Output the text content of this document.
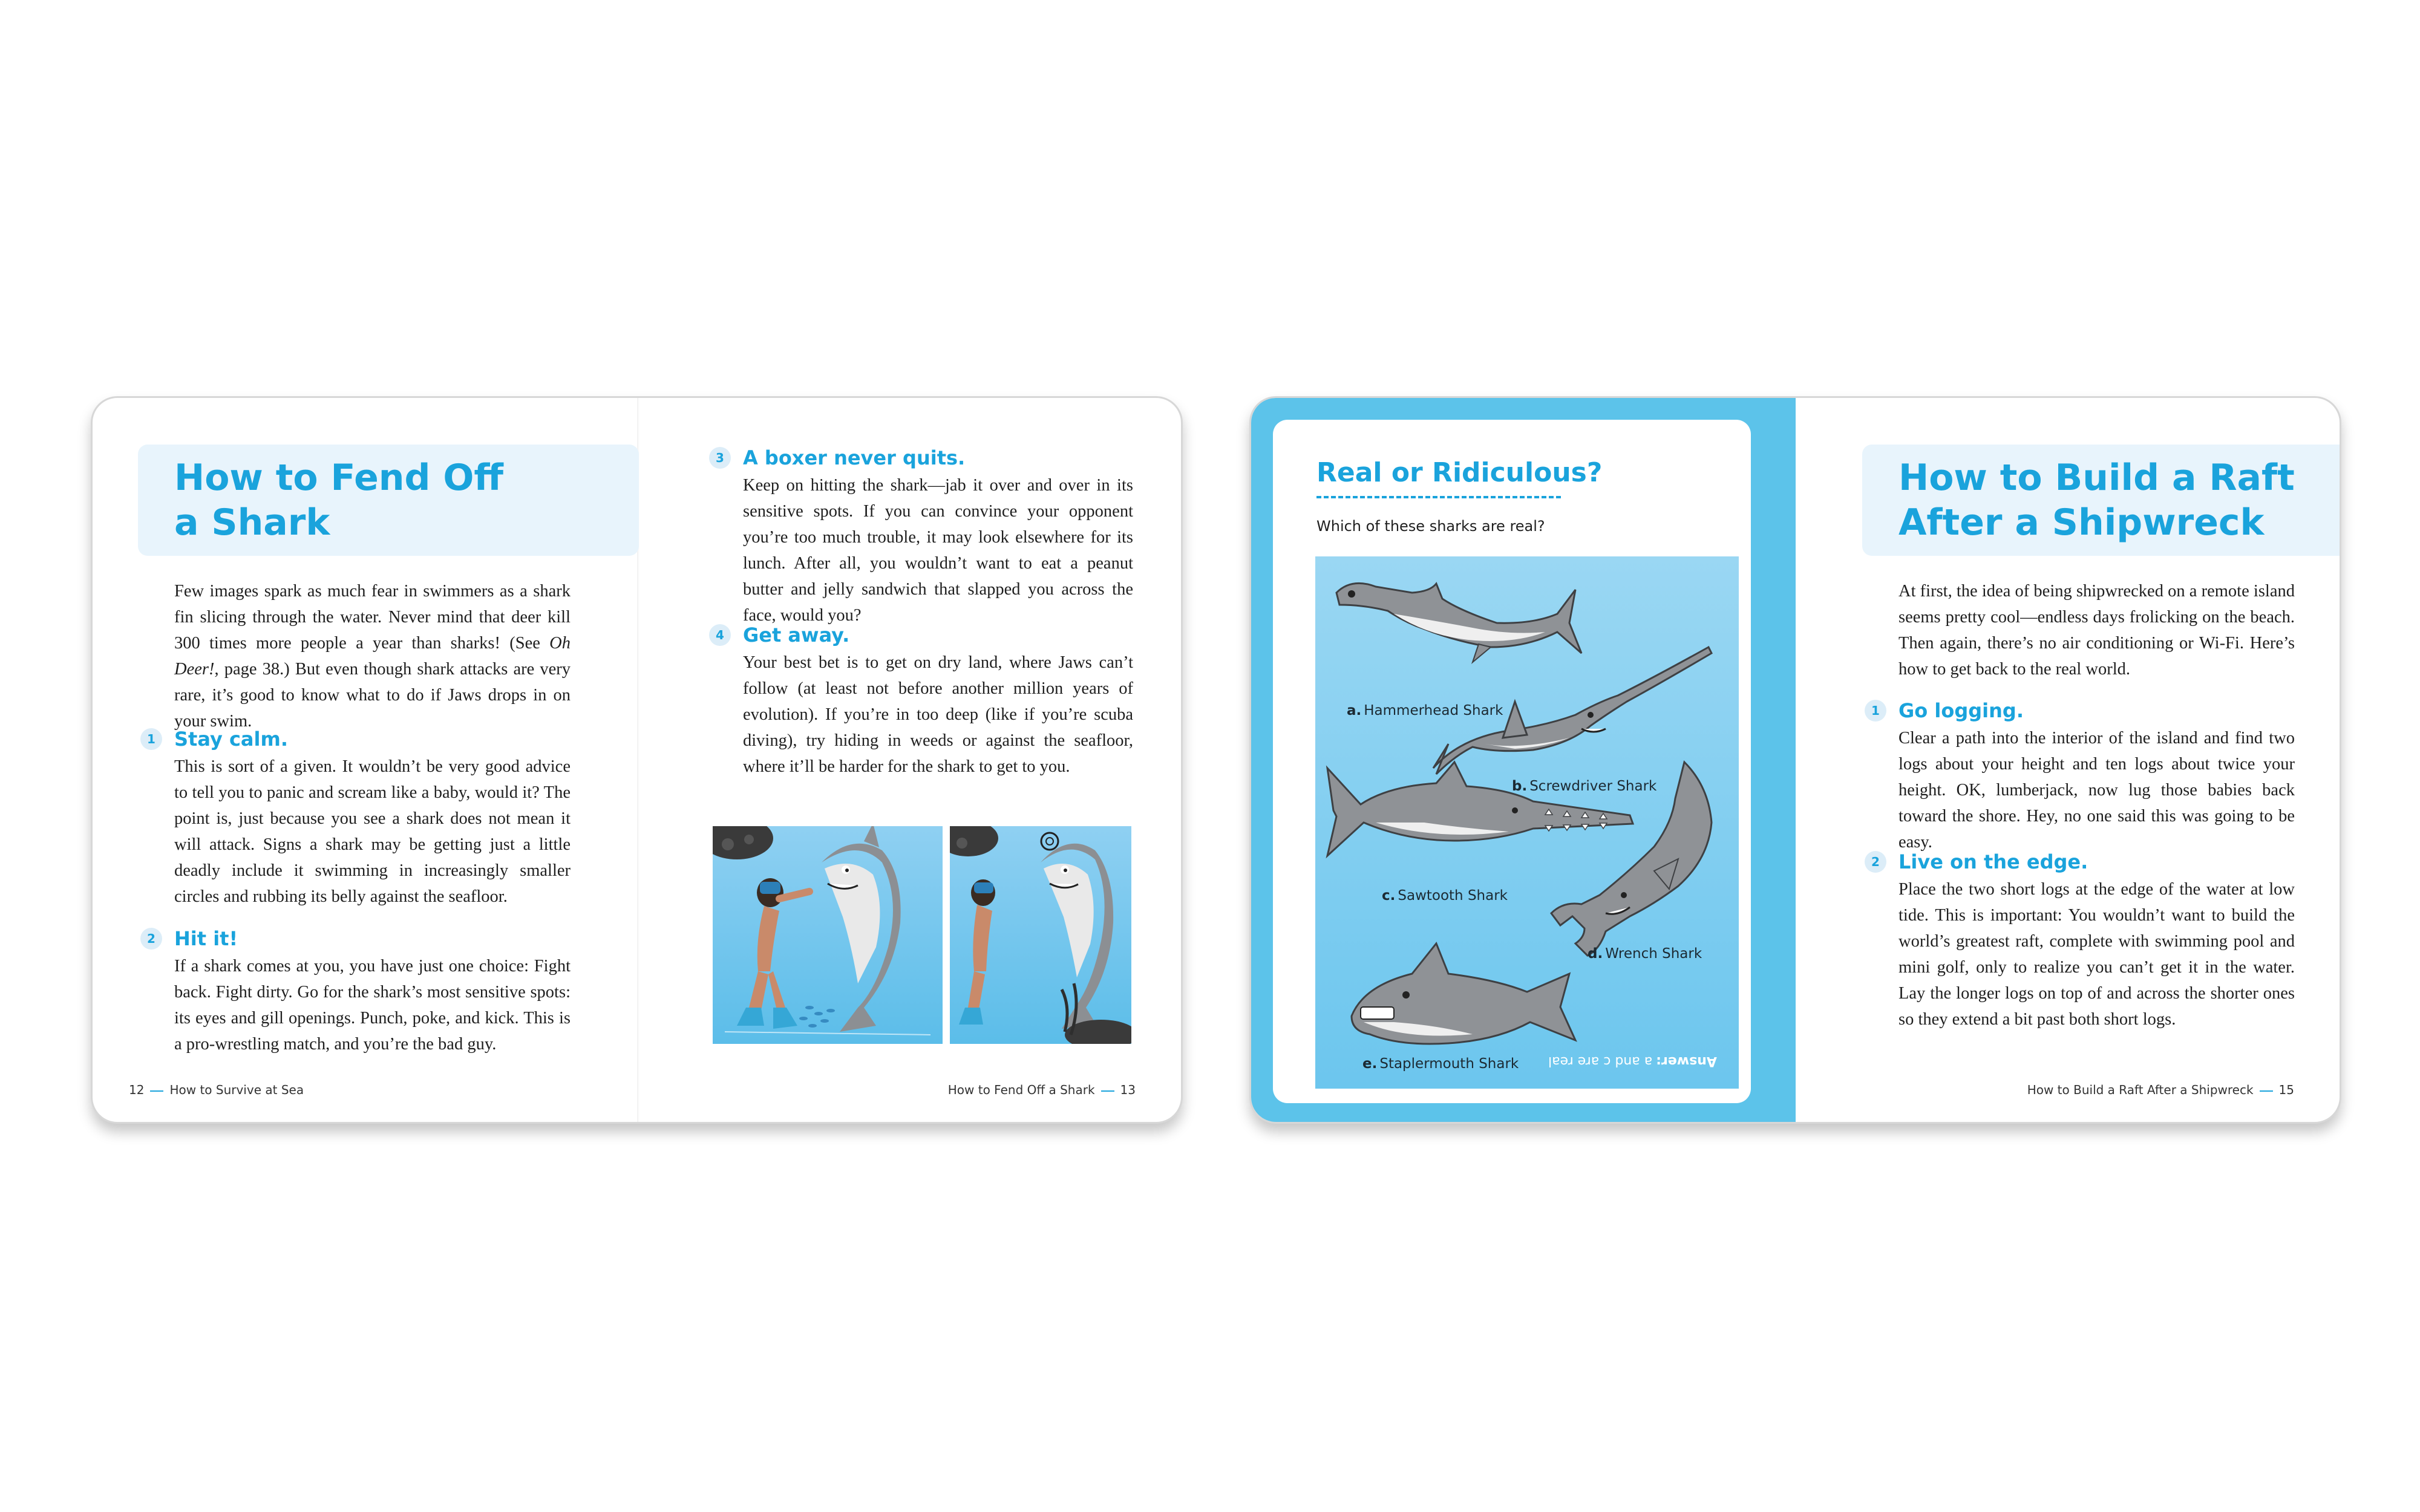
How to Fend Off
a Shark
Few images spark as much fear in swimmers as a shark fin slicing through the water. Never mind that deer kill 300 times more people a year than sharks! (See Oh Deer!, page 38.) But even though shark attacks are very rare, it’s good to know what to do if Jaws drops in on your swim.
1 Stay calm.
This is sort of a given. It wouldn’t be very good advice to tell you to panic and scream like a baby, would it? The point is, just because you see a shark does not mean it will attack. Signs a shark may be getting just a little deadly include it swimming in increasingly smaller circles and rubbing its belly against the seafloor.
2 Hit it!
If a shark comes at you, you have just one choice: Fight back. Fight dirty. Go for the shark’s most sensitive spots: its eyes and gill openings. Punch, poke, and kick. This is a pro-wrestling match, and you’re the bad guy.
3 A boxer never quits.
Keep on hitting the shark—jab it over and over in its sensitive spots. If you can convince your opponent you’re too much trouble, it may look elsewhere for its lunch. After all, you wouldn’t want to eat a peanut butter and jelly sandwich that slapped you across the face, would you?
4 Get away.
Your best bet is to get on dry land, where Jaws can’t follow (at least not before another million years of evolution). If you’re in too deep (like if you’re scuba diving), try hiding in weeds or against the seafloor, where it’ll be harder for the shark to get to you.
12 How to Survive at Sea	How to Fend Off a Shark 13
Real or Ridiculous?
Which of these sharks are real?
a. Hammerhead Shark
b. Screwdriver Shark
c. Sawtooth Shark
d. Wrench Shark
e. Staplermouth Shark	Answer:a and c are real
How to Build a Raft
After a Shipwreck
At first, the idea of being shipwrecked on a remote island seems pretty cool—endless days frolicking on the beach. Then again, there’s no air conditioning or Wi-Fi. Here’s how to get back to the real world.
1 Go logging.
Clear a path into the interior of the island and find two logs about your height and ten logs about twice your height. OK, lumberjack, now lug those babies back toward the shore. Hey, no one said this was going to be easy.
2 Live on the edge.
Place the two short logs at the edge of the water at low tide. This is important: You wouldn’t want to build the world’s greatest raft, complete with swimming pool and mini golf, only to realize you can’t get it in the water. Lay the longer logs on top of and across the shorter ones so they extend a bit past both short logs.
How to Build a Raft After a Shipwreck 15
